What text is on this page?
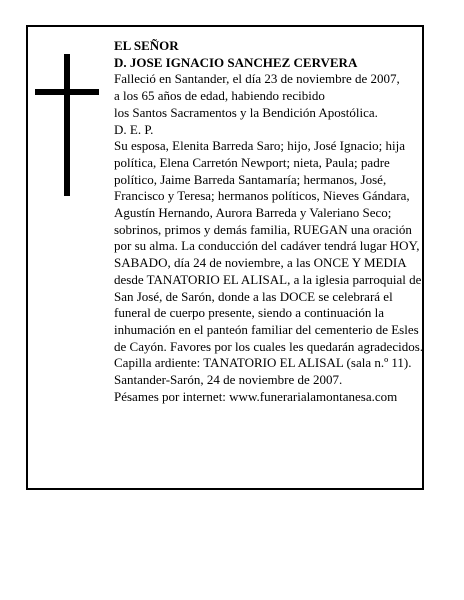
EL SEÑOR

D. JOSE IGNACIO SANCHEZ CERVERA

Falleció en Santander, el día 23 de noviembre de 2007,

a los 65 años de edad, habiendo recibido

los Santos Sacramentos y la Bendición Apostólica.

D. E. P.

Su esposa, Elenita Barreda Saro; hijo, José Ignacio; hija política, Elena Carretón Newport; nieta, Paula; padre político, Jaime Barreda Santamaría; hermanos, José, Francisco y Teresa; hermanos políticos, Nieves Gándara, Agustín Hernando, Aurora Barreda y Valeriano Seco; sobrinos, primos y demás familia, RUEGAN una oración por su alma. La conducción del cadáver tendrá lugar HOY, SABADO, día 24 de noviembre, a las ONCE Y MEDIA desde TANATORIO EL ALISAL, a la iglesia parroquial de San José, de Sarón, donde a las DOCE se celebrará el funeral de cuerpo presente, siendo a continuación la inhumación en el panteón familiar del cementerio de Esles de Cayón. Favores por los cuales les quedarán agradecidos. Capilla ardiente: TANATORIO EL ALISAL (sala n.º 11).

Santander-Sarón, 24 de noviembre de 2007.

Pésames por internet: www.funerarialamontanesa.com
